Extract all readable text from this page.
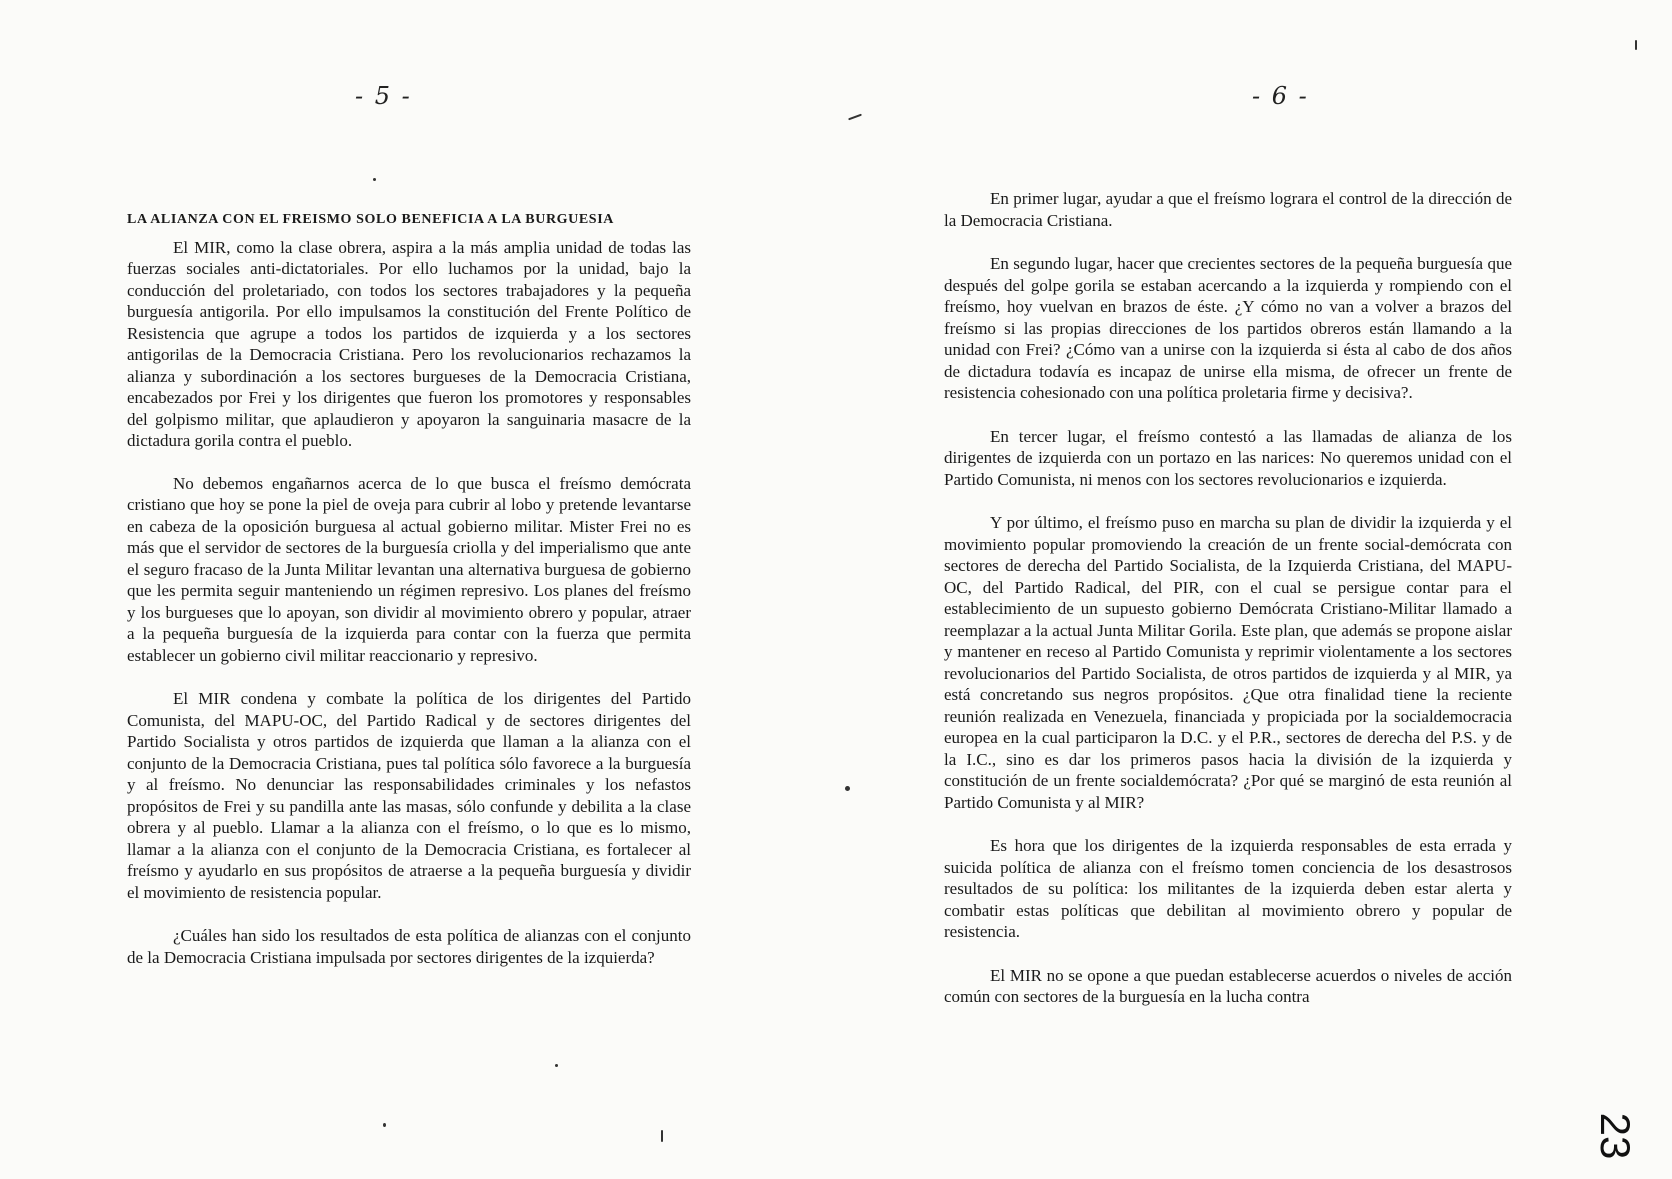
- 5 -	- 6 -
LA ALIANZA CON EL FREISMO SOLO BENEFICIA A LA BURGUESIA

El MIR, como la clase obrera, aspira a la más amplia unidad de todas las fuerzas sociales anti-dictatoriales. Por ello luchamos por la unidad, bajo la conducción del proletariado, con todos los sectores trabajadores y la pequeña burguesía antigorila. Por ello impulsamos la constitución del Frente Político de Resistencia que agrupe a todos los partidos de izquierda y a los sectores antigorilas de la Democracia Cristiana. Pero los revolucionarios rechazamos la alianza y subordinación a los sectores burgueses de la Democracia Cristiana, encabezados por Frei y los dirigentes que fueron los promotores y responsables del golpismo militar, que aplaudieron y apoyaron la sanguinaria masacre de la dictadura gorila contra el pueblo.

No debemos engañarnos acerca de lo que busca el freísmo demócrata cristiano que hoy se pone la piel de oveja para cubrir al lobo y pretende levantarse en cabeza de la oposición burguesa al actual gobierno militar. Mister Frei no es más que el servidor de sectores de la burguesía criolla y del imperialismo que ante el seguro fracaso de la Junta Militar levantan una alternativa burguesa de gobierno que les permita seguir manteniendo un régimen represivo. Los planes del freísmo y los burgueses que lo apoyan, son dividir al movimiento obrero y popular, atraer a la pequeña burguesía de la izquierda para contar con la fuerza que permita establecer un gobierno civil militar reaccionario y represivo.

El MIR condena y combate la política de los dirigentes del Partido Comunista, del MAPU-OC, del Partido Radical y de sectores dirigentes del Partido Socialista y otros partidos de izquierda que llaman a la alianza con el conjunto de la Democracia Cristiana, pues tal política sólo favorece a la burguesía y al freísmo. No denunciar las responsabilidades criminales y los nefastos propósitos de Frei y su pandilla ante las masas, sólo confunde y debilita a la clase obrera y al pueblo. Llamar a la alianza con el freísmo, o lo que es lo mismo, llamar a la alianza con el conjunto de la Democracia Cristiana, es fortalecer al freísmo y ayudarlo en sus propósitos de atraerse a la pequeña burguesía y dividir el movimiento de resistencia popular.

¿Cuáles han sido los resultados de esta política de alianzas con el conjunto de la Democracia Cristiana impulsada por sectores dirigentes de la izquierda?

En primer lugar, ayudar a que el freísmo lograra el control de la dirección de la Democracia Cristiana.

En segundo lugar, hacer que crecientes sectores de la pequeña burguesía que después del golpe gorila se estaban acercando a la izquierda y rompiendo con el freísmo, hoy vuelvan en brazos de éste. ¿Y cómo no van a volver a brazos del freísmo si las propias direcciones de los partidos obreros están llamando a la unidad con Frei? ¿Cómo van a unirse con la izquierda si ésta al cabo de dos años de dictadura todavía es incapaz de unirse ella misma, de ofrecer un frente de resistencia cohesionado con una política proletaria firme y decisiva?.

En tercer lugar, el freísmo contestó a las llamadas de alianza de los dirigentes de izquierda con un portazo en las narices: No queremos unidad con el Partido Comunista, ni menos con los sectores revolucionarios e izquierda.

Y por último, el freísmo puso en marcha su plan de dividir la izquierda y el movimiento popular promoviendo la creación de un frente social-demócrata con sectores de derecha del Partido Socialista, de la Izquierda Cristiana, del MAPU-OC, del Partido Radical, del PIR, con el cual se persigue contar para el establecimiento de un supuesto gobierno Demócrata Cristiano-Militar llamado a reemplazar a la actual Junta Militar Gorila. Este plan, que además se propone aislar y mantener en receso al Partido Comunista y reprimir violentamente a los sectores revolucionarios del Partido Socialista, de otros partidos de izquierda y al MIR, ya está concretando sus negros propósitos. ¿Que otra finalidad tiene la reciente reunión realizada en Venezuela, financiada y propiciada por la socialdemocracia europea en la cual participaron la D.C. y el P.R., sectores de derecha del P.S. y de la I.C., sino es dar los primeros pasos hacia la división de la izquierda y constitución de un frente socialdemócrata? ¿Por qué se marginó de esta reunión al Partido Comunista y al MIR?

Es hora que los dirigentes de la izquierda responsables de esta errada y suicida política de alianza con el freísmo tomen conciencia de los desastrosos resultados de su política: los militantes de la izquierda deben estar alerta y combatir estas políticas que debilitan al movimiento obrero y popular de resistencia.

El MIR no se opone a que puedan establecerse acuerdos o niveles de acción común con sectores de la burguesía en la lucha contra

23
